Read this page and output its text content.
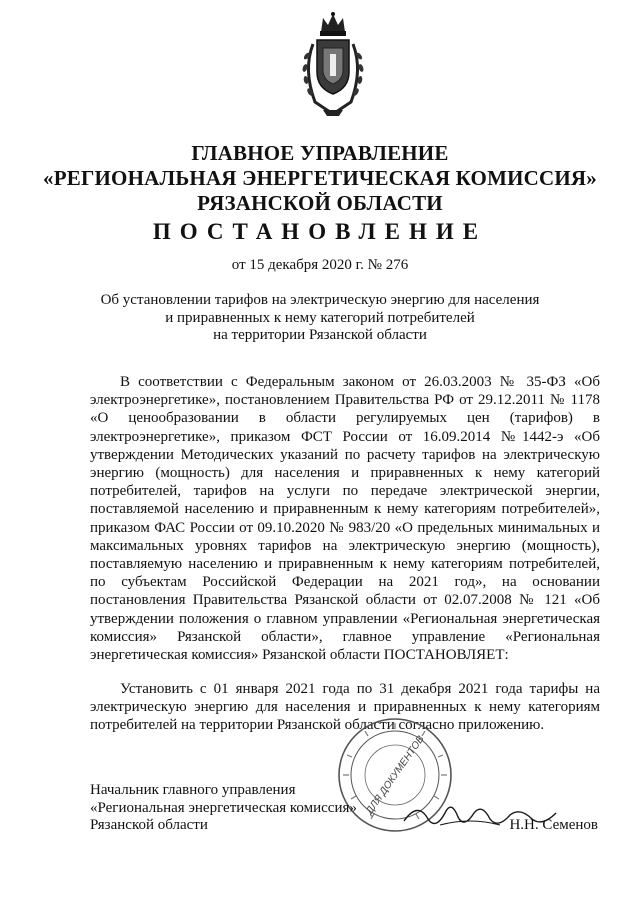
ГЛАВНОЕ УПРАВЛЕНИЕ
«РЕГИОНАЛЬНАЯ ЭНЕРГЕТИЧЕСКАЯ КОМИССИЯ»
РЯЗАНСКОЙ ОБЛАСТИ
ПОСТАНОВЛЕНИЕ
от 15 декабря 2020 г. № 276
Об установлении тарифов на электрическую энергию для населения
и приравненных к нему категорий потребителей
на территории Рязанской области

В соответствии с Федеральным законом от 26.03.2003 № 35-ФЗ «Об электроэнергетике», постановлением Правительства РФ от 29.12.2011 № 1178 «О ценообразовании в области регулируемых цен (тарифов) в электроэнергетике», приказом ФСТ России от 16.09.2014 №1442-э «Об утверждении Методических указаний по расчету тарифов на электрическую энергию (мощность) для населения и приравненных к нему категорий потребителей, тарифов на услуги по передаче электрической энергии, поставляемой населению и приравненным к нему категориям потребителей», приказом ФАС России от 09.10.2020 № 983/20 «О предельных минимальных и максимальных уровнях тарифов на электрическую энергию (мощность), поставляемую населению и приравненным к нему категориям потребителей, по субъектам Российской Федерации на 2021 год», на основании постановления Правительства Рязанской области от 02.07.2008 № 121 «Об утверждении положения о главном управлении «Региональная энергетическая комиссия» Рязанской области», главное управление «Региональная энергетическая комиссия» Рязанской области ПОСТАНОВЛЯЕТ:

Установить с 01 января 2021 года по 31 декабря 2021 года тарифы на электрическую энергию для населения и приравненных к нему категориям потребителей на территории Рязанской области согласно приложению.

ДЛЯ ДОКУМЕНТОВ
Начальник главного управления
«Региональная энергетическая комиссия»
Рязанской области	Н.Н. Семенов
